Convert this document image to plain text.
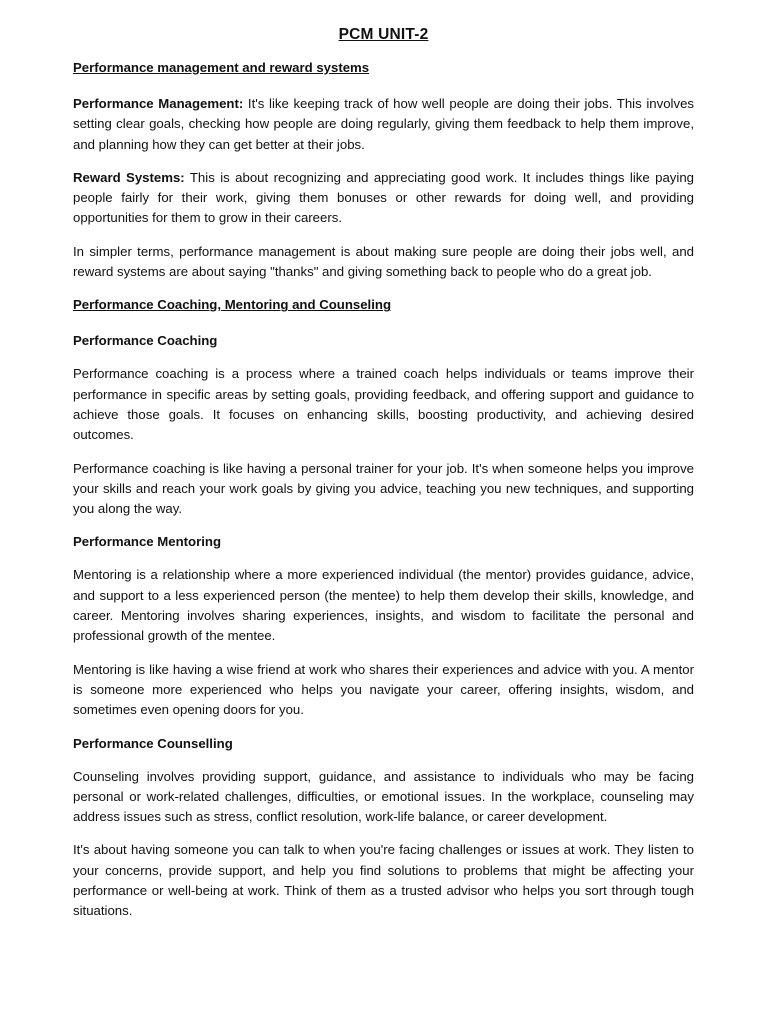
PCM UNIT-2
Performance management and reward systems

Performance Management: It's like keeping track of how well people are doing their jobs. This involves setting clear goals, checking how people are doing regularly, giving them feedback to help them improve, and planning how they can get better at their jobs.

Reward Systems: This is about recognizing and appreciating good work. It includes things like paying people fairly for their work, giving them bonuses or other rewards for doing well, and providing opportunities for them to grow in their careers.

In simpler terms, performance management is about making sure people are doing their jobs well, and reward systems are about saying "thanks" and giving something back to people who do a great job.

Performance Coaching, Mentoring and Counseling
Performance Coaching

Performance coaching is a process where a trained coach helps individuals or teams improve their performance in specific areas by setting goals, providing feedback, and offering support and guidance to achieve those goals. It focuses on enhancing skills, boosting productivity, and achieving desired outcomes.

Performance coaching is like having a personal trainer for your job. It's when someone helps you improve your skills and reach your work goals by giving you advice, teaching you new techniques, and supporting you along the way.

Performance Mentoring

Mentoring is a relationship where a more experienced individual (the mentor) provides guidance, advice, and support to a less experienced person (the mentee) to help them develop their skills, knowledge, and career. Mentoring involves sharing experiences, insights, and wisdom to facilitate the personal and professional growth of the mentee.

Mentoring is like having a wise friend at work who shares their experiences and advice with you. A mentor is someone more experienced who helps you navigate your career, offering insights, wisdom, and sometimes even opening doors for you.

Performance Counselling

Counseling involves providing support, guidance, and assistance to individuals who may be facing personal or work-related challenges, difficulties, or emotional issues. In the workplace, counseling may address issues such as stress, conflict resolution, work-life balance, or career development.

It's about having someone you can talk to when you're facing challenges or issues at work. They listen to your concerns, provide support, and help you find solutions to problems that might be affecting your performance or well-being at work. Think of them as a trusted advisor who helps you sort through tough situations.
